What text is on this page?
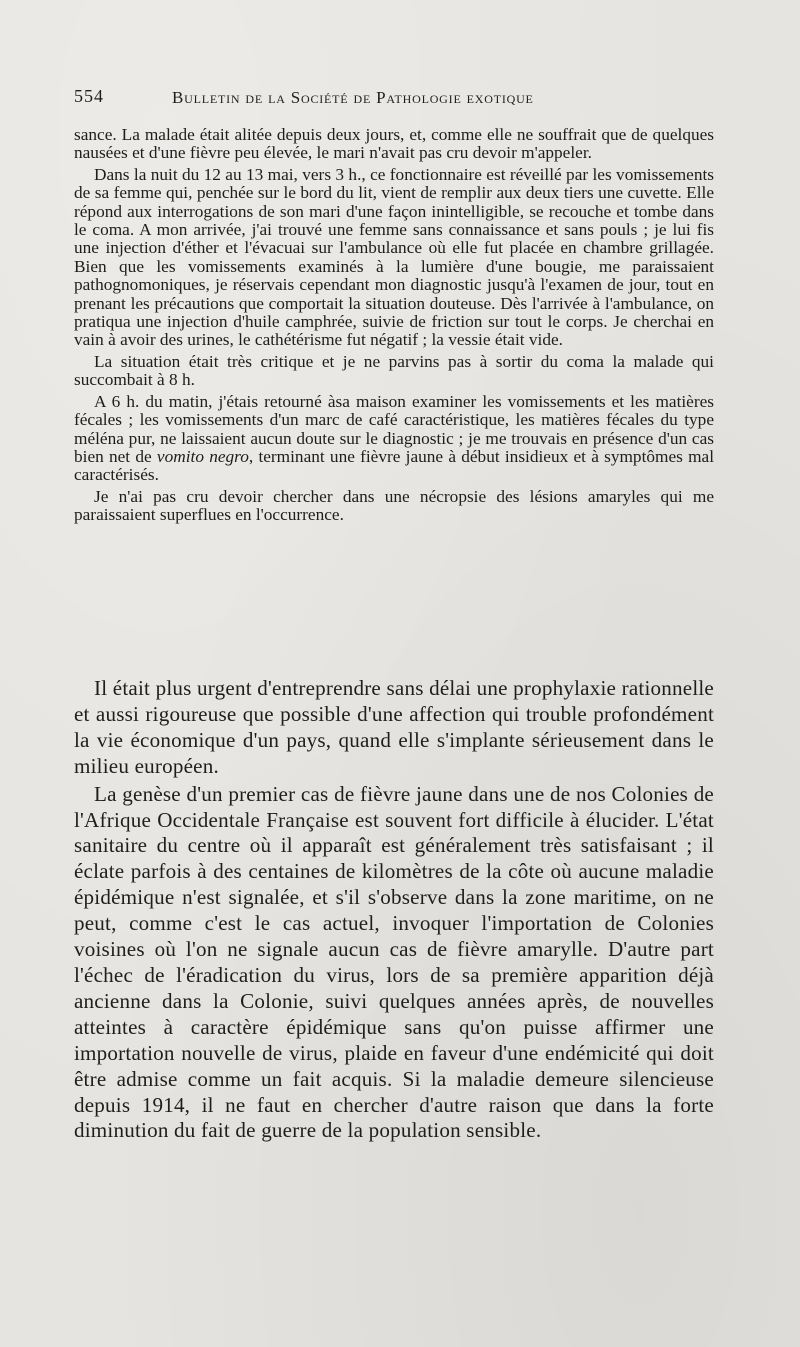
554	Bulletin de la Société de Pathologie exotique

sance. La malade était alitée depuis deux jours, et, comme elle ne souffrait que de quelques nausées et d'une fièvre peu élevée, le mari n'avait pas cru devoir m'appeler.

Dans la nuit du 12 au 13 mai, vers 3 h., ce fonctionnaire est réveillé par les vomissements de sa femme qui, penchée sur le bord du lit, vient de remplir aux deux tiers une cuvette. Elle répond aux interrogations de son mari d'une façon inintelligible, se recouche et tombe dans le coma. A mon arrivée, j'ai trouvé une femme sans connaissance et sans pouls ; je lui fis une injection d'éther et l'évacuai sur l'ambulance où elle fut placée en chambre grillagée. Bien que les vomissements examinés à la lumière d'une bougie, me paraissaient pathognomoniques, je réservais cependant mon diagnostic jusqu'à l'examen de jour, tout en prenant les précautions que comportait la situation douteuse. Dès l'arrivée à l'ambulance, on pratiqua une injection d'huile camphrée, suivie de friction sur tout le corps. Je cherchai en vain à avoir des urines, le cathétérisme fut négatif ; la vessie était vide.

La situation était très critique et je ne parvins pas à sortir du coma la malade qui succombait à 8 h.

A 6 h. du matin, j'étais retourné àsa maison examiner les vomissements et les matières fécales ; les vomissements d'un marc de café caractéristique, les matières fécales du type méléna pur, ne laissaient aucun doute sur le diagnostic ; je me trouvais en présence d'un cas bien net de vomito negro, terminant une fièvre jaune à début insidieux et à symptômes mal caractérisés.

Je n'ai pas cru devoir chercher dans une nécropsie des lésions amaryles qui me paraissaient superflues en l'occurrence.

Il était plus urgent d'entreprendre sans délai une prophylaxie rationnelle et aussi rigoureuse que possible d'une affection qui trouble profondément la vie économique d'un pays, quand elle s'implante sérieusement dans le milieu européen.

La genèse d'un premier cas de fièvre jaune dans une de nos Colonies de l'Afrique Occidentale Française est souvent fort difficile à élucider. L'état sanitaire du centre où il apparaît est généralement très satisfaisant ; il éclate parfois à des centaines de kilomètres de la côte où aucune maladie épidémique n'est signalée, et s'il s'observe dans la zone maritime, on ne peut, comme c'est le cas actuel, invoquer l'importation de Colonies voisines où l'on ne signale aucun cas de fièvre amarylle. D'autre part l'échec de l'éradication du virus, lors de sa première apparition déjà ancienne dans la Colonie, suivi quelques années après, de nouvelles atteintes à caractère épidémique sans qu'on puisse affirmer une importation nouvelle de virus, plaide en faveur d'une endémicité qui doit être admise comme un fait acquis. Si la maladie demeure silencieuse depuis 1914, il ne faut en chercher d'autre raison que dans la forte diminution du fait de guerre de la population sensible.
